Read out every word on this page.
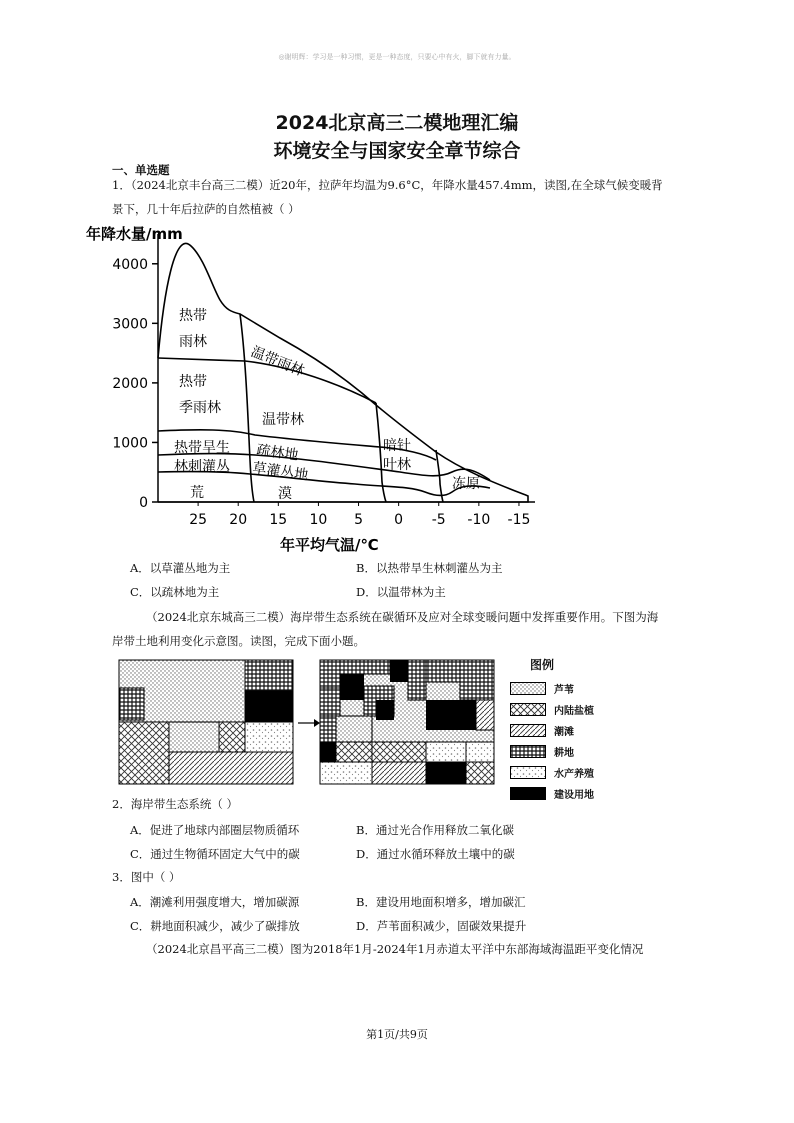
◎谢明辉：学习是一种习惯，更是一种态度，只要心中有火，脚下就有力量。
2024北京高三二模地理汇编
环境安全与国家安全章节综合
一、单选题
1．（2024北京丰台高三二模）近20年，拉萨年均温为9.6°C，年降水量457.4mm，读图,在全球气候变暖背
景下，几十年后拉萨的自然植被（ ）
年降水量/mm
0
1000
2000
3000
4000
25 20 15 10 5 0 -5 -10 -15
热带
雨林
温带雨林
热带
季雨林
温带林
热带旱生
林刺灌丛
疏林地
草灌丛地
暗针
叶林
荒	漠
冻原
年平均气温/℃
A．以草灌丛地为主	B．以热带旱生林刺灌丛为主
C．以疏林地为主	D．以温带林为主
（2024北京东城高三二模）海岸带生态系统在碳循环及应对全球变暖问题中发挥重要作用。下图为海
岸带土地利用变化示意图。读图，完成下面小题。
图例
芦苇
内陆盐植
潮滩
耕地
水产养殖
建设用地
2．海岸带生态系统（ ）
A．促进了地球内部圈层物质循环	B．通过光合作用释放二氧化碳
C．通过生物循环固定大气中的碳	D．通过水循环释放土壤中的碳
3．图中（ ）
A．潮滩利用强度增大，增加碳源	B．建设用地面积增多，增加碳汇
C．耕地面积减少，减少了碳排放	D．芦苇面积减少，固碳效果提升
（2024北京昌平高三二模）图为2018年1月-2024年1月赤道太平洋中东部海域海温距平变化情况
第1页/共9页
